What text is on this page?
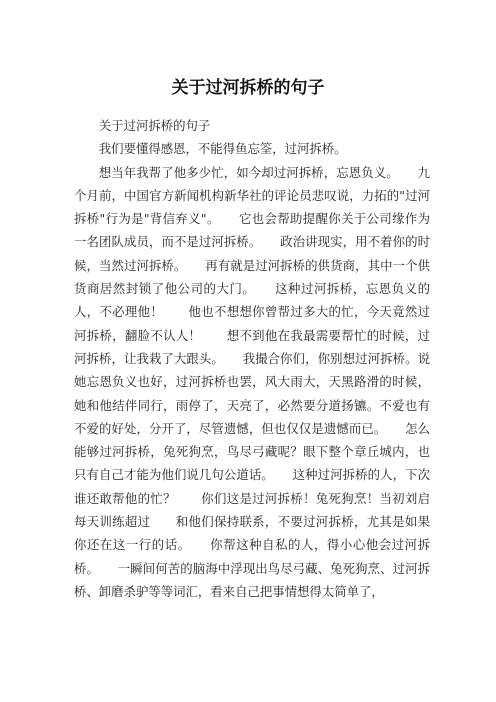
关于过河拆桥的句子

关于过河拆桥的句子

我们要懂得感恩，不能得鱼忘筌，过河拆桥。

想当年我帮了他多少忙，如今却过河拆桥，忘恩负义。　　九个月前，中国官方新闻机构新华社的评论员悲叹说，力拓的"过河拆桥"行为是"背信弃义"。　　它也会帮助提醒你关于公司缘作为一名团队成员，而不是过河拆桥。　　政治讲现实，用不着你的时候，当然过河拆桥。　　再有就是过河拆桥的供货商，其中一个供货商居然封锁了他公司的大门。　　这种过河拆桥，忘恩负义的人，不必理他！　　他也不想想你曾帮过多大的忙，今天竟然过河拆桥，翻脸不认人！　　想不到他在我最需要帮忙的时候，过河拆桥，让我栽了大跟头。　　我撮合你们，你别想过河拆桥。说她忘恩负义也好，过河拆桥也罢，风大雨大，天黑路滑的时候，她和他结伴同行，雨停了，天亮了，必然要分道扬镳。不爱也有不爱的好处，分开了，尽管遗憾，但也仅仅是遗憾而已。　　怎么能够过河拆桥，兔死狗烹，鸟尽弓藏呢？眼下整个章丘城内，也只有自己才能为他们说几句公道话。　　这种过河拆桥的人，下次谁还敢帮他的忙？　　你们这是过河拆桥！兔死狗烹！当初刘启每天训练超过　　和他们保持联系，不要过河拆桥，尤其是如果你还在这一行的话。　　你帮这种自私的人，得小心他会过河拆桥。　　一瞬间何苦的脑海中浮现出鸟尽弓藏、兔死狗烹、过河拆桥、卸磨杀驴等等词汇，看来自己把事情想得太简单了，
